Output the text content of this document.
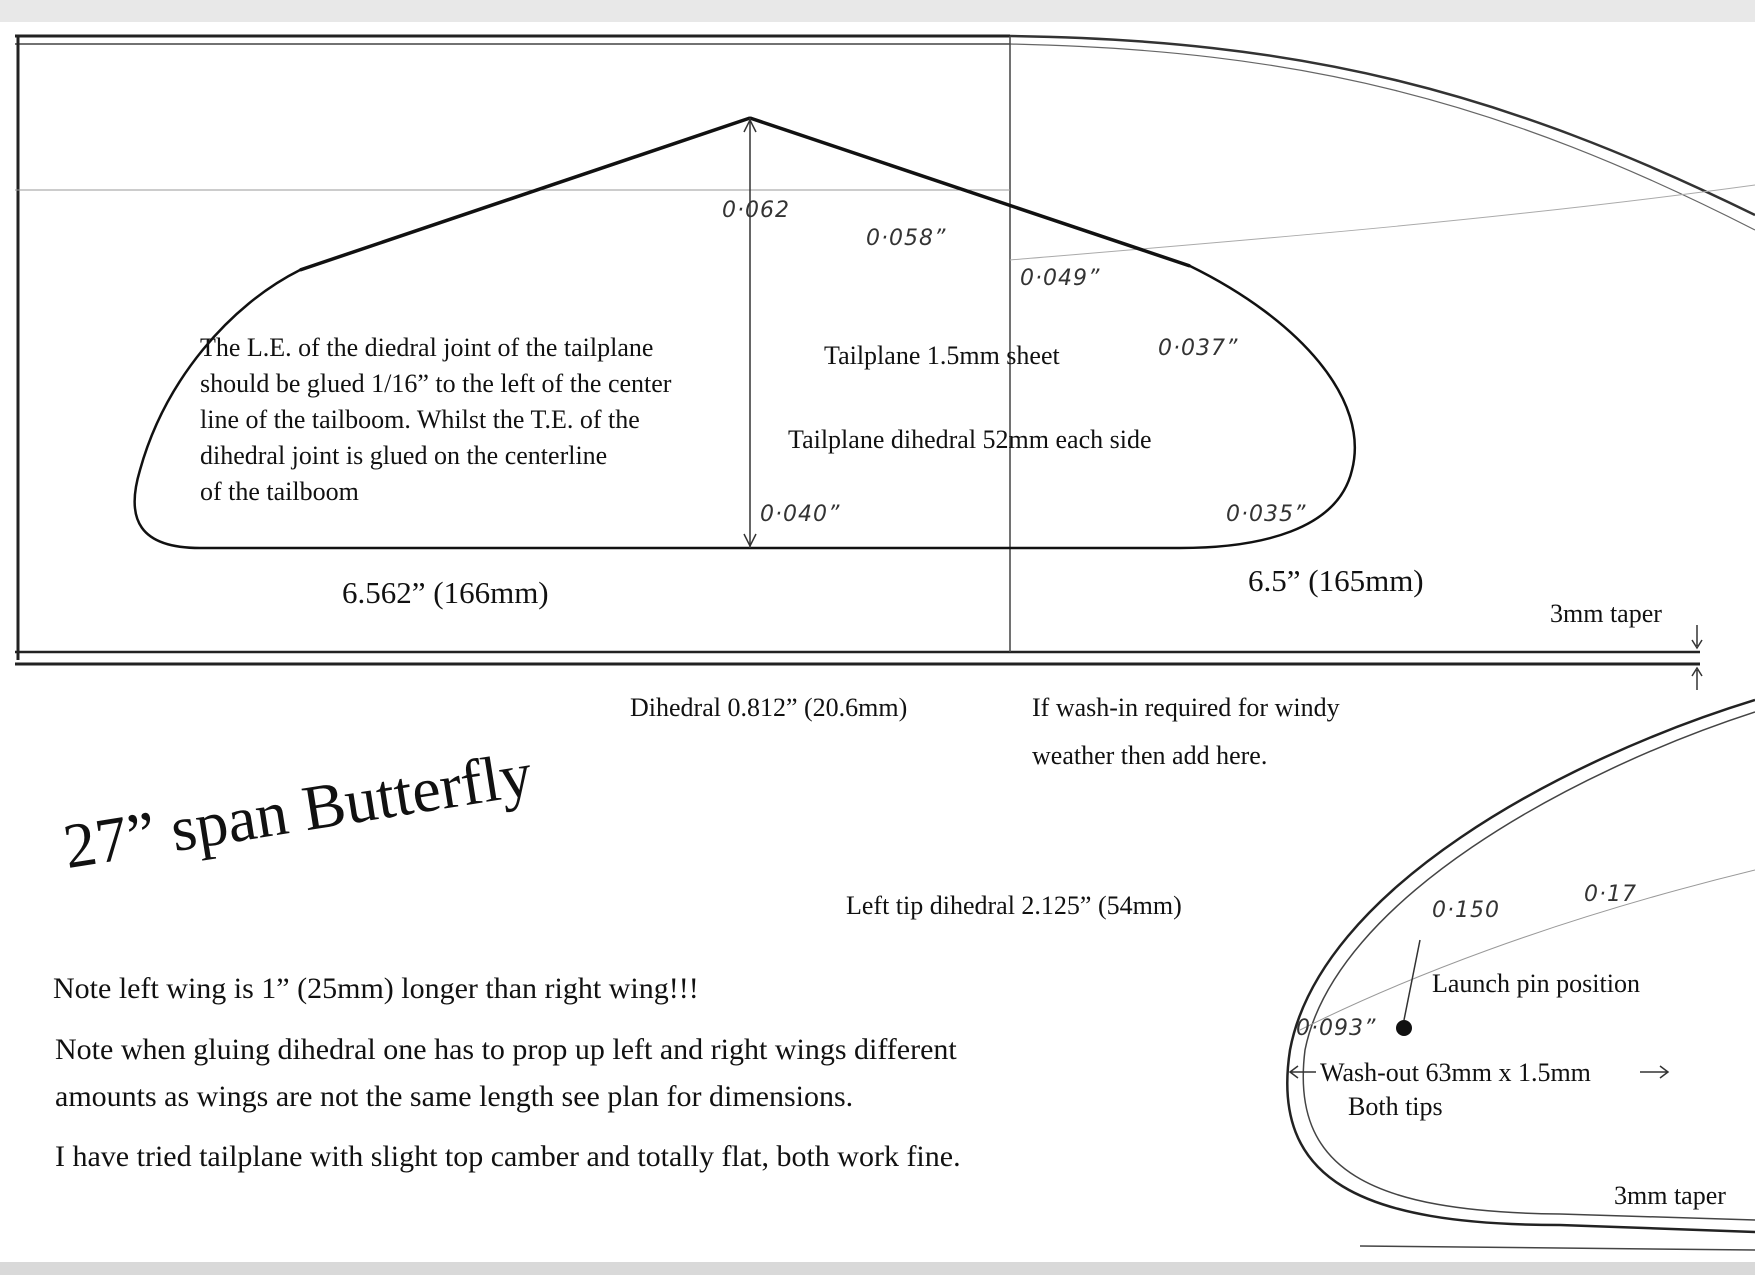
The L.E. of the diedral joint of the tailplane
should be glued 1/16” to the left of the center
line of the tailboom. Whilst the T.E. of the
dihedral joint is glued on the centerline
of the tailboom
Tailplane 1.5mm sheet
Tailplane dihedral 52mm each side
6.562” (166mm)	6.5” (165mm)
0·062
0·058”
0·049”
0·037”
0·040”	0·035”
3mm taper
Dihedral 0.812” (20.6mm)	If wash-in required for windy
weather then add here.
Left tip dihedral 2.125” (54mm)
Launch pin position
Wash-out 63mm x 1.5mm
Both tips
3mm taper
0·150
0·17
0·093”
27” span Butterfly
Note left wing is 1” (25mm) longer than right wing!!!
Note when gluing dihedral one has to prop up left and right wings different
amounts as wings are not the same length see plan for dimensions.
I have tried tailplane with slight top camber and totally flat, both work fine.
